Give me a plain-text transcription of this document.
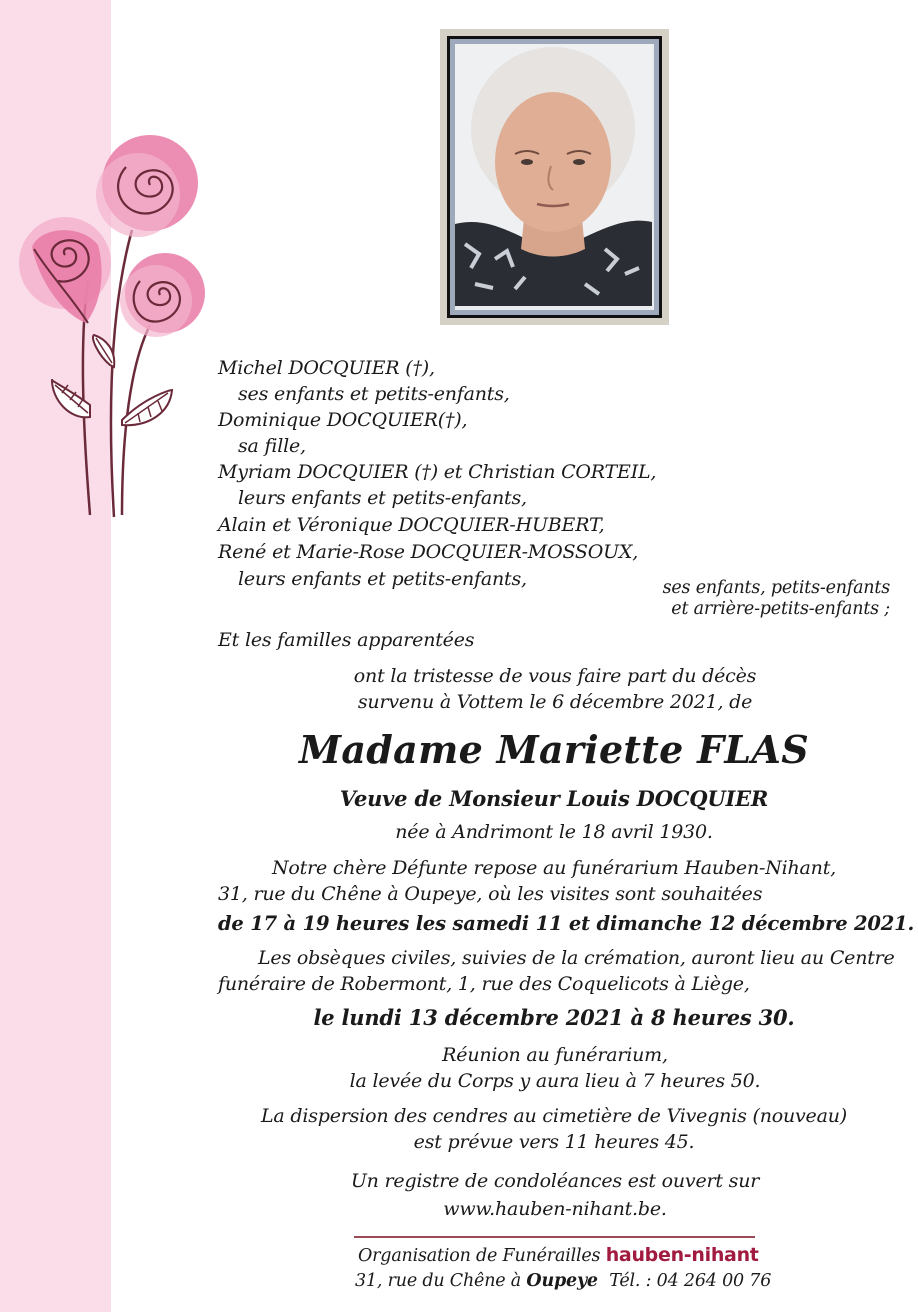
Michel DOCQUIER (†),
ses enfants et petits-enfants,
Dominique DOCQUIER(†),
sa fille,
Myriam DOCQUIER (†) et Christian CORTEIL,
leurs enfants et petits-enfants,
Alain et Véronique DOCQUIER-HUBERT,
René et Marie-Rose DOCQUIER-MOSSOUX,
leurs enfants et petits-enfants,	ses enfants, petits-enfants
et arrière-petits-enfants ;
Et les familles apparentées
ont la tristesse de vous faire part du décès
survenu à Vottem le 6 décembre 2021, de
Madame Mariette FLAS
Veuve de Monsieur Louis DOCQUIER
née à Andrimont le 18 avril 1930.
Notre chère Défunte repose au funérarium Hauben-Nihant,
31, rue du Chêne à Oupeye, où les visites sont souhaitées
de 17 à 19 heures les samedi 11 et dimanche 12 décembre 2021.
Les obsèques civiles, suivies de la crémation, auront lieu au Centre
funéraire de Robermont, 1, rue des Coquelicots à Liège,
le lundi 13 décembre 2021 à 8 heures 30.
Réunion au funérarium,
la levée du Corps y aura lieu à 7 heures 50.
La dispersion des cendres au cimetière de Vivegnis (nouveau)
est prévue vers 11 heures 45.
Un registre de condoléances est ouvert sur
www.hauben-nihant.be.
Organisation de Funérailles hauben-nihant
31, rue du Chêne à Oupeye Tél. : 04 264 00 76
